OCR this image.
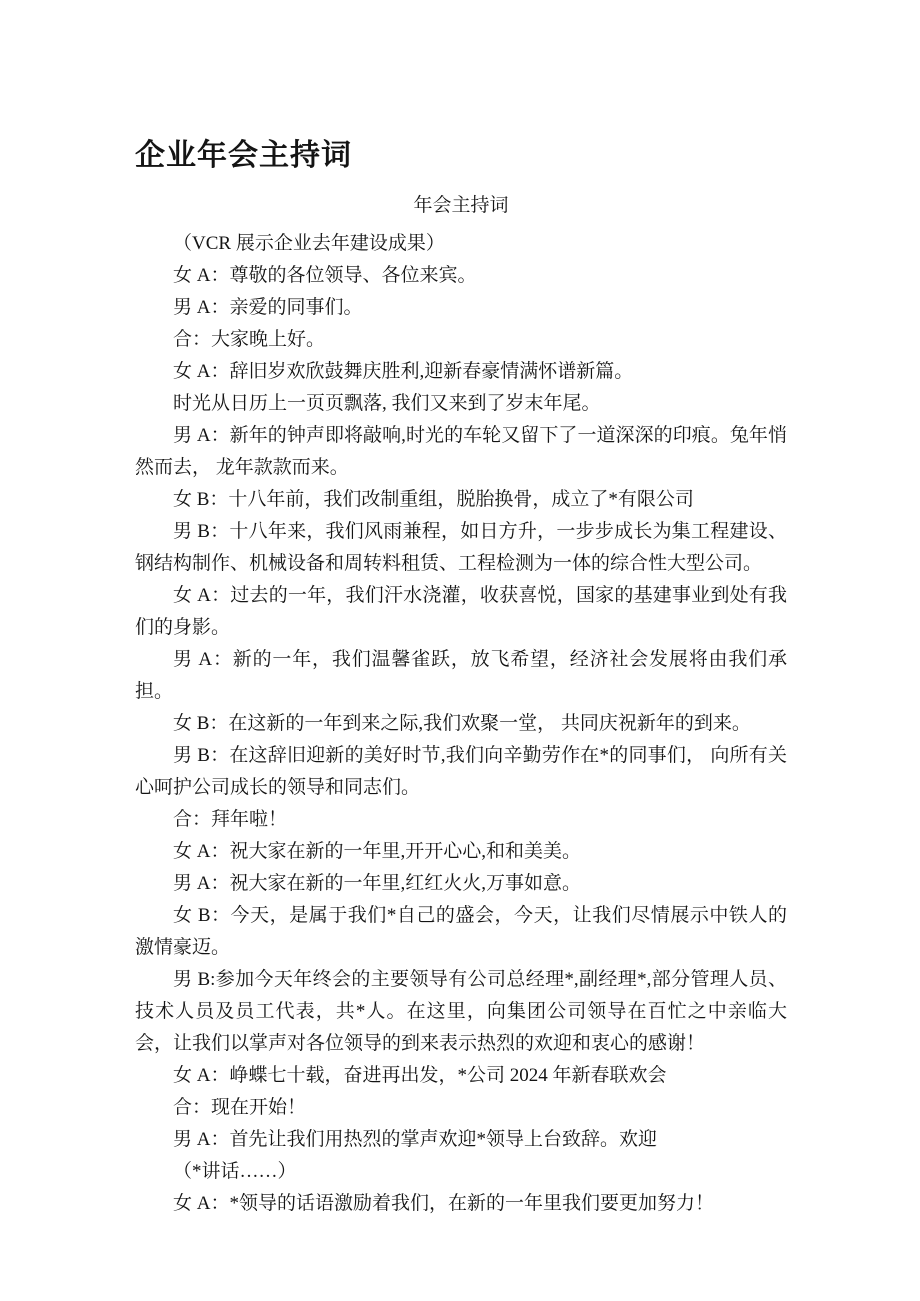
企业年会主持词
年会主持词

（VCR 展示企业去年建设成果）

女 A：尊敬的各位领导、各位来宾。

男 A：亲爱的同事们。

合：大家晚上好。

女 A：辞旧岁欢欣鼓舞庆胜利,迎新春豪情满怀谱新篇。

时光从日历上一页页飘落, 我们又来到了岁末年尾。

男 A：新年的钟声即将敲响,时光的车轮又留下了一道深深的印痕。兔年悄然而去， 龙年款款而来。

女 B：十八年前，我们改制重组，脱胎换骨，成立了*有限公司

男 B：十八年来，我们风雨兼程，如日方升，一步步成长为集工程建设、钢结构制作、机械设备和周转料租赁、工程检测为一体的综合性大型公司。

女 A：过去的一年，我们汗水浇灌，收获喜悦，国家的基建事业到处有我们的身影。

男 A：新的一年，我们温馨雀跃，放飞希望，经济社会发展将由我们承担。

女 B：在这新的一年到来之际,我们欢聚一堂， 共同庆祝新年的到来。

男 B：在这辞旧迎新的美好时节,我们向辛勤劳作在*的同事们， 向所有关心呵护公司成长的领导和同志们。

合：拜年啦！

女 A：祝大家在新的一年里,开开心心,和和美美。

男 A：祝大家在新的一年里,红红火火,万事如意。

女 B：今天，是属于我们*自己的盛会，今天，让我们尽情展示中铁人的激情豪迈。

男 B:参加今天年终会的主要领导有公司总经理*,副经理*,部分管理人员、技术人员及员工代表，共*人。在这里，向集团公司领导在百忙之中亲临大会，让我们以掌声对各位领导的到来表示热烈的欢迎和衷心的感谢！

女 A：峥蝶七十载，奋进再出发，*公司 2024 年新春联欢会

合：现在开始！

男 A：首先让我们用热烈的掌声欢迎*领导上台致辞。欢迎

（*讲话……）

女 A：*领导的话语激励着我们，在新的一年里我们要更加努力！
